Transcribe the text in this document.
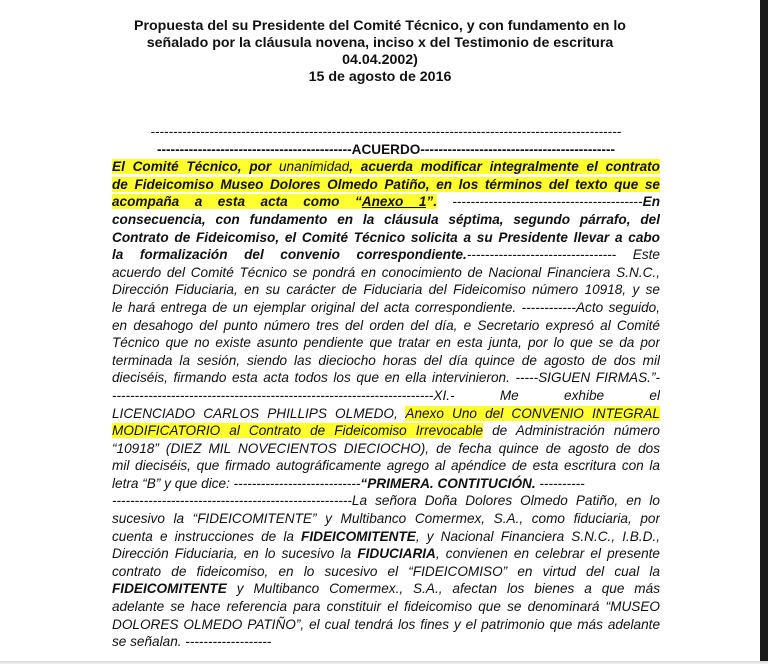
Propuesta del su Presidente del Comité Técnico, y con fundamento en lo
señalado por la cláusula novena, inciso x del Testimonio de escritura
04.04.2002)
15 de agosto de 2016
--------------------------------------------------------------------------------------------------------
-------------------------------------------ACUERDO-------------------------------------------
El Comité Técnico, por unanimidad, acuerda modificar integralmente el contrato
de Fideicomiso Museo Dolores Olmedo Patiño, en los términos del texto que se
acompaña a esta acta como “Anexo 1”. ------------------------------------------En
consecuencia, con fundamento en la cláusula séptima, segundo párrafo, del
Contrato de Fideicomiso, el Comité Técnico solicita a su Presidente llevar a cabo
la formalización del convenio correspondiente.--------------------------------- Este
acuerdo del Comité Técnico se pondrá en conocimiento de Nacional Financiera S.N.C.,
Dirección Fiduciaria, en su carácter de Fiduciaria del Fideicomiso número 10918, y se
le hará entrega de un ejemplar original del acta correspondiente. ------------Acto seguido,
en desahogo del punto número tres del orden del día, e Secretario expresó al Comité
Técnico que no existe asunto pendiente que tratar en esta junta, por lo que se da por
terminada la sesión, siendo las dieciocho horas del día quince de agosto de dos mil
dieciséis, firmando esta acta todos los que en ella intervinieron. -----SIGUEN FIRMAS.”-
-----------------------------------------------------------------------XI.- Me exhibe el
LICENCIADO CARLOS PHILLIPS OLMEDO, Anexo Uno del CONVENIO INTEGRAL
MODIFICATORIO al Contrato de Fideicomiso Irrevocable de Administración número
“10918” (DIEZ MIL NOVECIENTOS DIECIOCHO), de fecha quince de agosto de dos
mil dieciséis, que firmado autográficamente agrego al apéndice de esta escritura con la
letra “B” y que dice: ----------------------------“PRIMERA. CONTITUCIÓN. ----------
-----------------------------------------------------La señora Doña Dolores Olmedo Patiño, en lo
sucesivo la “FIDEICOMITENTE” y Multibanco Comermex, S.A., como fiduciaria, por
cuenta e instrucciones de la FIDEICOMITENTE, y Nacional Financiera S.N.C., I.B.D.,
Dirección Fiduciaria, en lo sucesivo la FIDUCIARIA, convienen en celebrar el presente
contrato de fideicomiso, en lo sucesivo el “FIDEICOMISO” en virtud del cual la
FIDEICOMITENTE y Multibanco Comermex., S.A., afectan los bienes a que más
adelante se hace referencia para constituir el fideicomiso que se denominará “MUSEO
DOLORES OLMEDO PATIÑO”, el cual tendrá los fines y el patrimonio que más adelante
se señalan. -------------------
